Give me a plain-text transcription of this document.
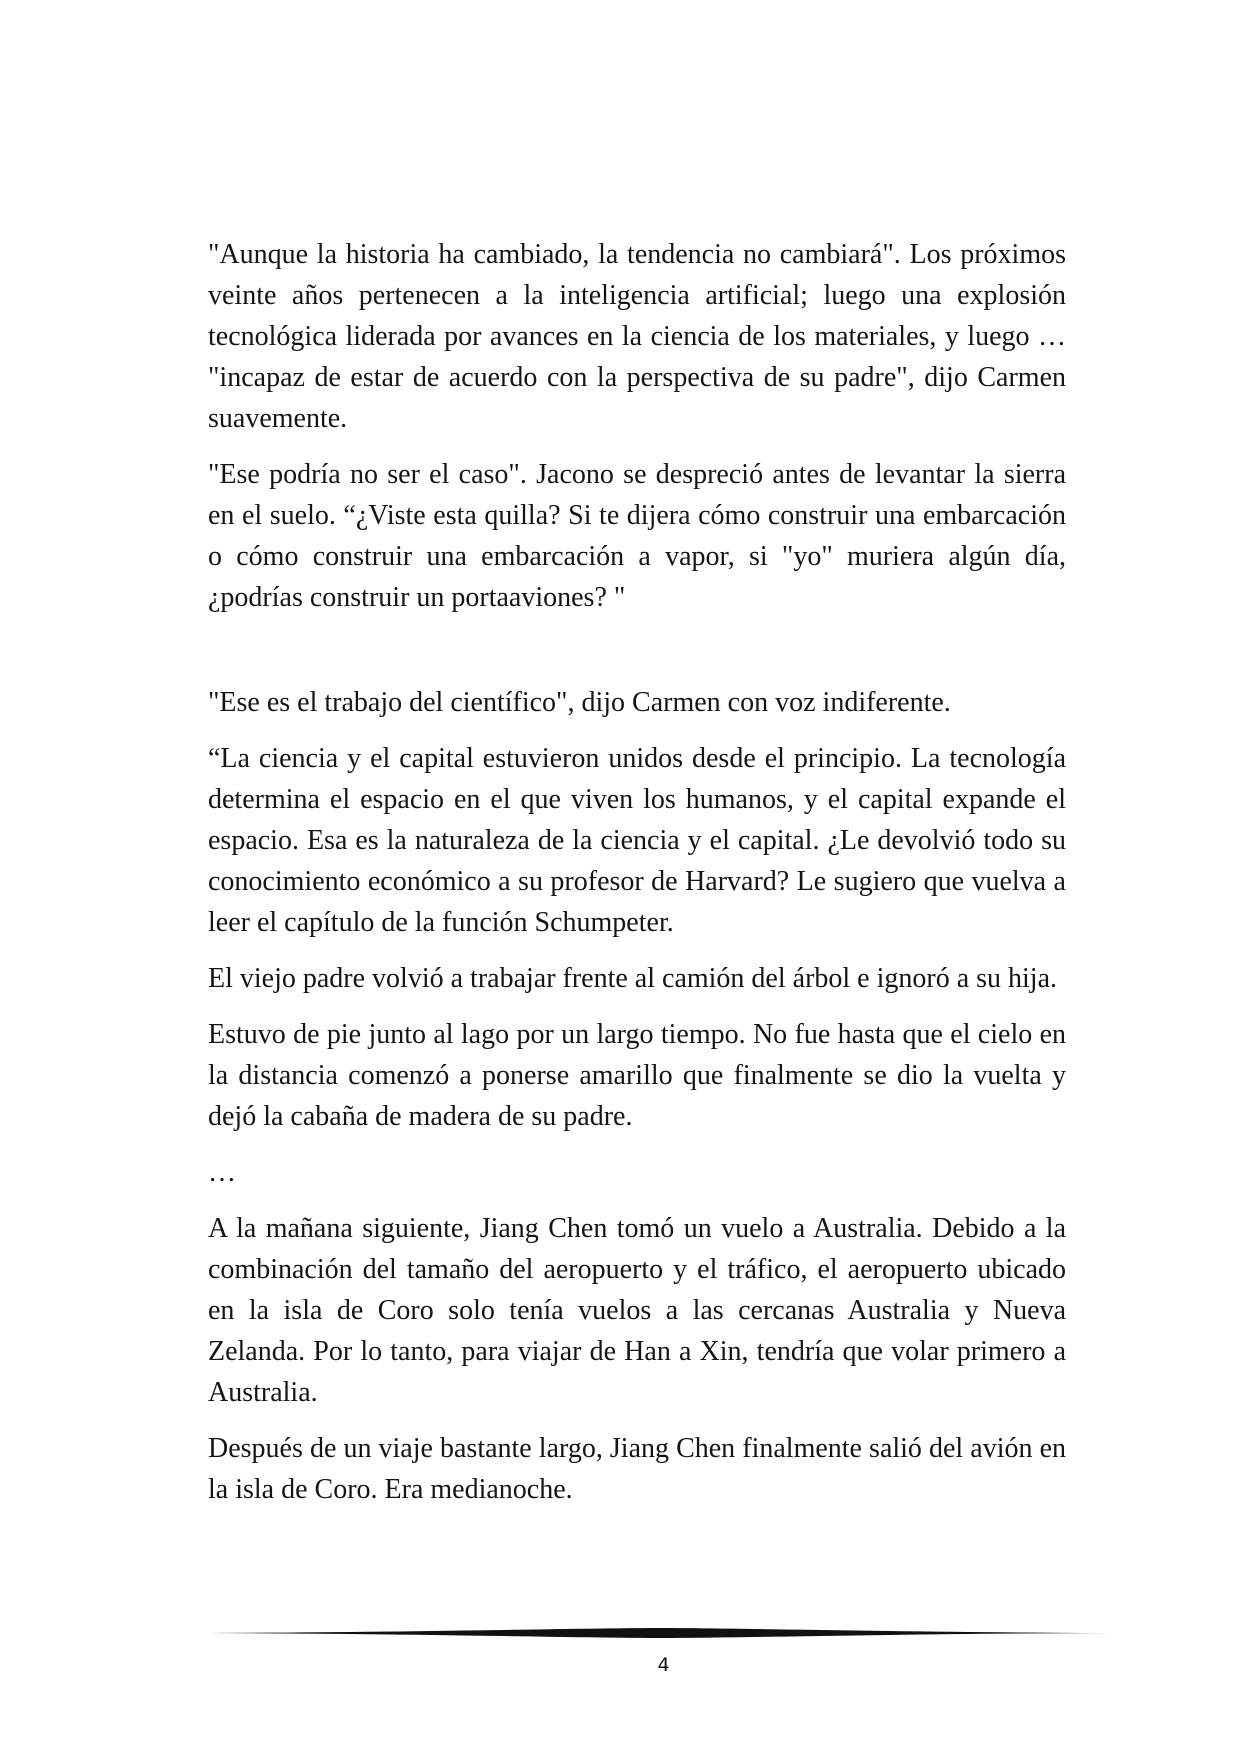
"Aunque la historia ha cambiado, la tendencia no cambiará". Los próximos veinte años pertenecen a la inteligencia artificial; luego una explosión tecnológica liderada por avances en la ciencia de los materiales, y luego … "incapaz de estar de acuerdo con la perspectiva de su padre", dijo Carmen suavemente.

"Ese podría no ser el caso". Jacono se despreció antes de levantar la sierra en el suelo. “¿Viste esta quilla? Si te dijera cómo construir una embarcación o cómo construir una embarcación a vapor, si "yo" muriera algún día, ¿podrías construir un portaaviones? "

"Ese es el trabajo del científico", dijo Carmen con voz indiferente.

“La ciencia y el capital estuvieron unidos desde el principio. La tecnología determina el espacio en el que viven los humanos, y el capital expande el espacio. Esa es la naturaleza de la ciencia y el capital. ¿Le devolvió todo su conocimiento económico a su profesor de Harvard? Le sugiero que vuelva a leer el capítulo de la función Schumpeter.

El viejo padre volvió a trabajar frente al camión del árbol e ignoró a su hija.

Estuvo de pie junto al lago por un largo tiempo. No fue hasta que el cielo en la distancia comenzó a ponerse amarillo que finalmente se dio la vuelta y dejó la cabaña de madera de su padre.

…

A la mañana siguiente, Jiang Chen tomó un vuelo a Australia. Debido a la combinación del tamaño del aeropuerto y el tráfico, el aeropuerto ubicado en la isla de Coro solo tenía vuelos a las cercanas Australia y Nueva Zelanda. Por lo tanto, para viajar de Han a Xin, tendría que volar primero a Australia.

Después de un viaje bastante largo, Jiang Chen finalmente salió del avión en la isla de Coro. Era medianoche.

4
